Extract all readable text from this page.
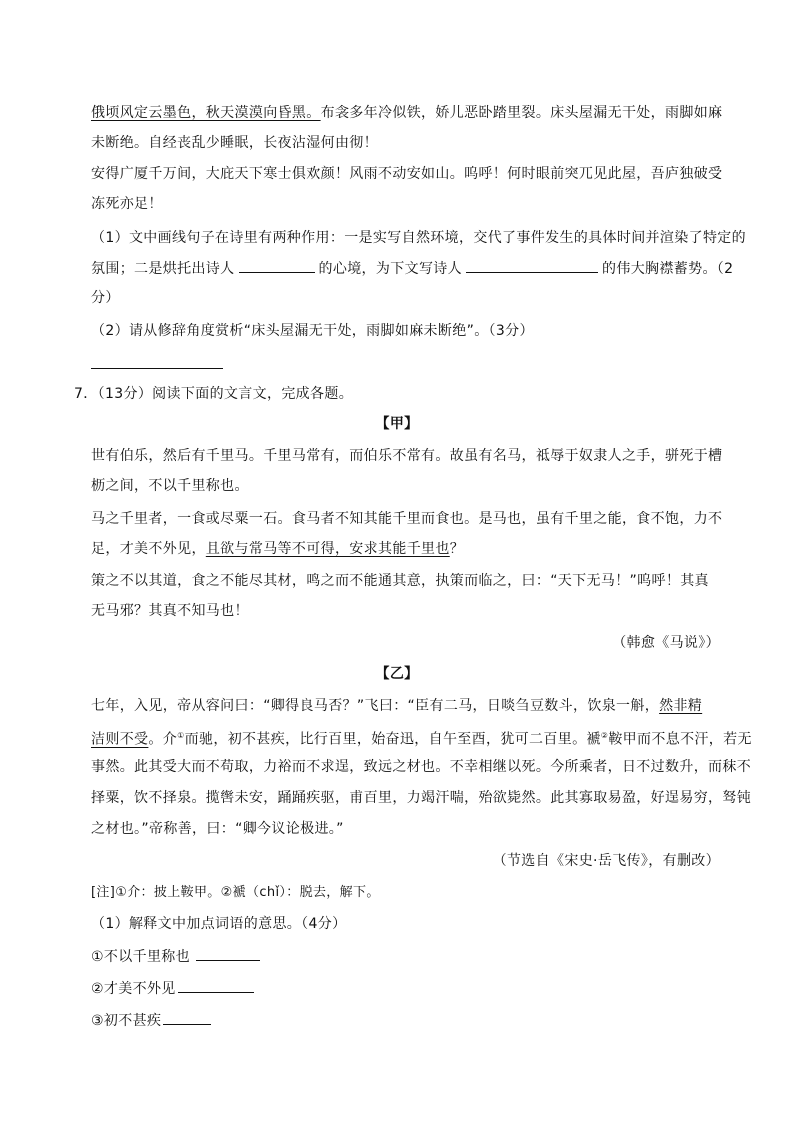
俄顷风定云墨色，秋天漠漠向昏黑。布衾多年冷似铁，娇儿恶卧踏里裂。床头屋漏无干处，雨脚如麻
未断绝。自经丧乱少睡眠，长夜沾湿何由彻！
安得广厦千万间，大庇天下寒士俱欢颜！风雨不动安如山。呜呼！何时眼前突兀见此屋，吾庐独破受
冻死亦足！
（1）文中画线句子在诗里有两种作用：一是实写自然环境，交代了事件发生的具体时间并渲染了特定的
氛围；二是烘托出诗人	的心境，为下文写诗人	的伟大胸襟蓄势。（2
分）
（2）请从修辞角度赏析“床头屋漏无干处，雨脚如麻未断绝”。（3分）
7．（13分）阅读下面的文言文，完成各题。
【甲】
世有伯乐，然后有千里马。千里马常有，而伯乐不常有。故虽有名马，祗辱于奴隶人之手，骈死于槽
枥之间，不以千里称也。
马之千里者，一食或尽粟一石。食马者不知其能千里而食也。是马也，虽有千里之能，食不饱，力不
足，才美不外见，且欲与常马等不可得，安求其能千里也？
策之不以其道，食之不能尽其材，鸣之而不能通其意，执策而临之，曰：“天下无马！”呜呼！其真
无马邪？其真不知马也！
（韩愈《马说》）
【乙】
七年，入见，帝从容问曰：“卿得良马否？”飞曰：“臣有二马，日啖刍豆数斗，饮泉一斛，然非精
洁则不受。介①而驰，初不甚疾，比行百里，始奋迅，自午至酉，犹可二百里。褫②鞍甲而不息不汗，若无
事然。此其受大而不苟取，力裕而不求逞，致远之材也。不幸相继以死。今所乘者，日不过数升，而秣不
择粟，饮不择泉。揽辔未安，踊踊疾驱，甫百里，力竭汗喘，殆欲毙然。此其寡取易盈，好逞易穷，驽钝
之材也。”帝称善，曰：“卿今议论极进。”
（节选自《宋史·岳飞传》，有删改）
[注]①介：披上鞍甲。②褫（chǐ）：脱去，解下。
（1）解释文中加点词语的意思。（4分）
①不以千里称也
②才美不外见
③初不甚疾
